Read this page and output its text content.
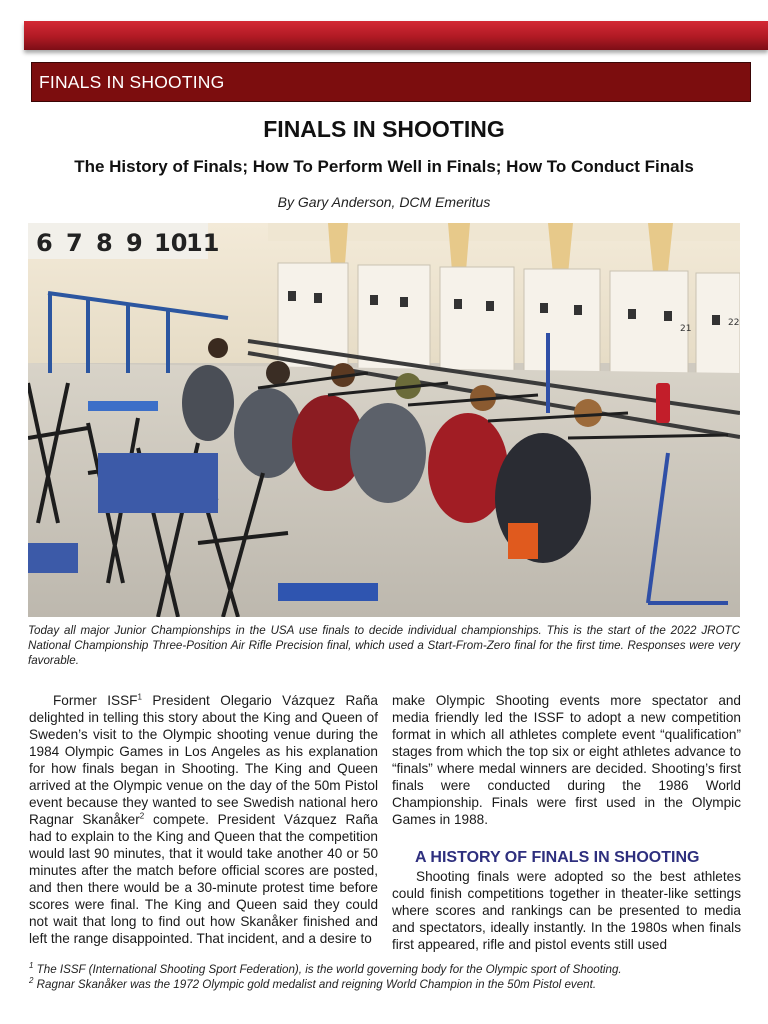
FINALS IN SHOOTING
FINALS IN SHOOTING
The History of Finals; How To Perform Well in Finals; How To Conduct Finals
By Gary Anderson, DCM Emeritus
6 7 8 9 10
11
21
22
Today all major Junior Championships in the USA use finals to decide individual championships. This is the start of the 2022 JROTC National Championship Three-Position Air Rifle Precision final, which used a Start-From-Zero final for the first time. Responses were very favorable.

Former ISSF$^1$ President Olegario Vázquez Raña delighted in telling this story about the King and Queen of Sweden’s visit to the Olympic shooting venue during the 1984 Olympic Games in Los Angeles as his explanation for how finals began in Shooting. The King and Queen arrived at the Olympic venue on the day of the 50m Pistol event because they wanted to see Swedish national hero Ragnar Skanåker$^2$ compete. President Vázquez Raña had to explain to the King and Queen that the competition would last 90 minutes, that it would take another 40 or 50 minutes after the match before official scores are posted, and then there would be a 30-minute protest time before scores were final. The King and Queen said they could not wait that long to find out how Skanåker finished and left the range disappointed. That incident, and a desire to

make Olympic Shooting events more spectator and media friendly led the ISSF to adopt a new competition format in which all athletes complete event “qualification” stages from which the top six or eight athletes advance to “finals” where medal winners are decided. Shooting’s first finals were conducted during the 1986 World Championship. Finals were first used in the Olympic Games in 1988.

A HISTORY OF FINALS IN SHOOTING

Shooting finals were adopted so the best athletes could finish competitions together in theater-like settings where scores and rankings can be presented to media and spectators, ideally instantly. In the 1980s when finals first appeared, rifle and pistol events still used

$^1$ The ISSF (International Shooting Sport Federation), is the world governing body for the Olympic sport of Shooting.
$^2$ Ragnar Skanåker was the 1972 Olympic gold medalist and reigning World Champion in the 50m Pistol event.
